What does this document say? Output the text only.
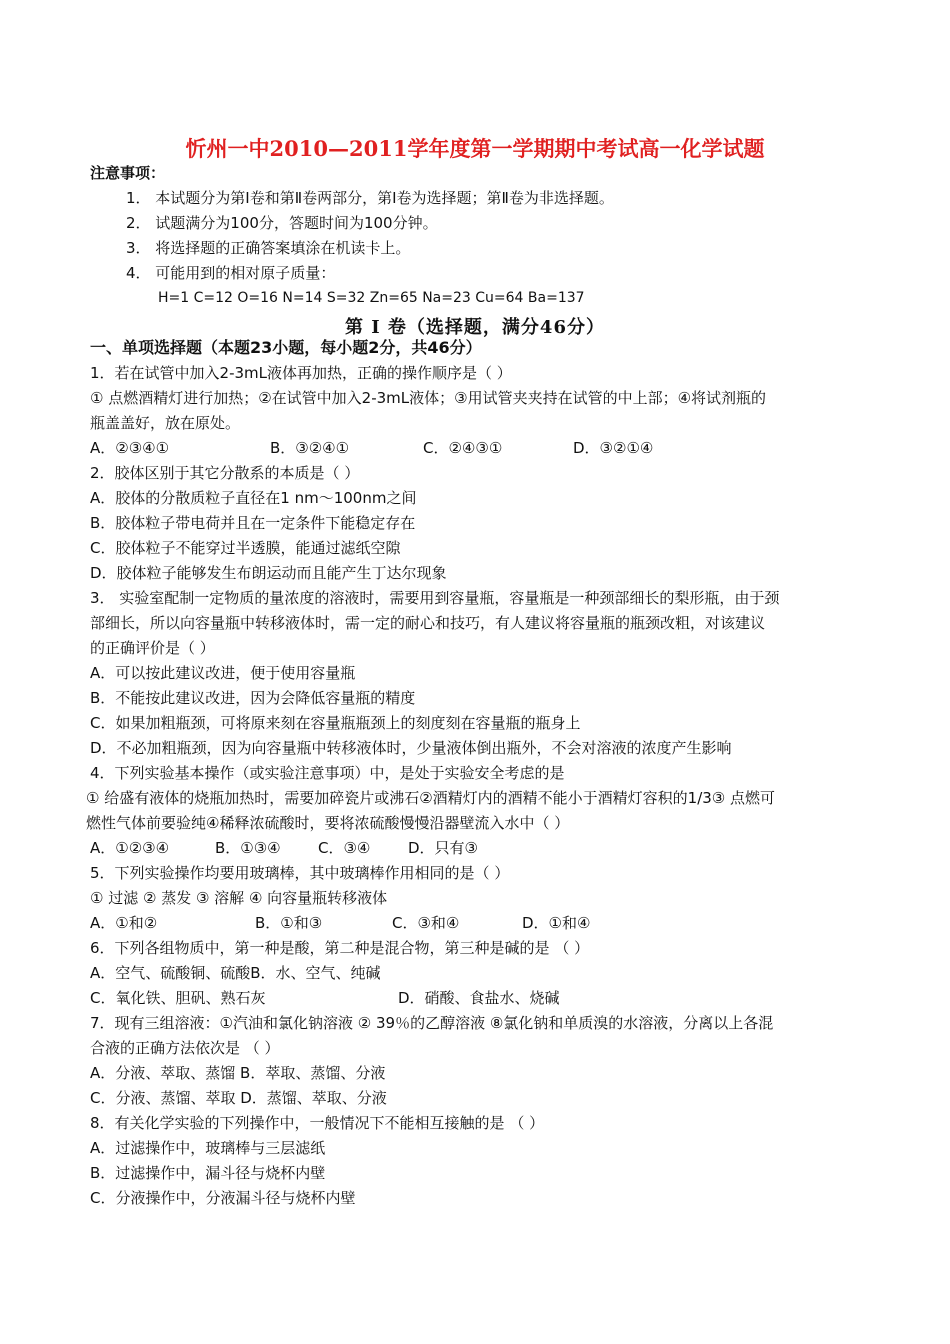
忻州一中2010—2011学年度第一学期期中考试高一化学试题
注意事项：
1． 本试题分为第Ⅰ卷和第Ⅱ卷两部分，第Ⅰ卷为选择题；第Ⅱ卷为非选择题。
2． 试题满分为100分，答题时间为100分钟。
3． 将选择题的正确答案填涂在机读卡上。
4． 可能用到的相对原子质量：
H=1 C=12 O=16 N=14 S=32 Zn=65 Na=23 Cu=64 Ba=137
第 Ⅰ 卷（选择题，满分46分）
一、单项选择题（本题23小题，每小题2分，共46分）
1．若在试管中加入2-3mL液体再加热，正确的操作顺序是（ ）
① 点燃酒精灯进行加热；②在试管中加入2-3mL液体；③用试管夹夹持在试管的中上部；④将试剂瓶的
瓶盖盖好，放在原处。
A．②③④①	B．③②④①	C．②④③①	D．③②①④
2．胶体区别于其它分散系的本质是（ ）
A．胶体的分散质粒子直径在1 nm～100nm之间
B．胶体粒子带电荷并且在一定条件下能稳定存在
C．胶体粒子不能穿过半透膜，能通过滤纸空隙
D．胶体粒子能够发生布朗运动而且能产生丁达尔现象
3． 实验室配制一定物质的量浓度的溶液时，需要用到容量瓶，容量瓶是一种颈部细长的梨形瓶，由于颈
部细长，所以向容量瓶中转移液体时，需一定的耐心和技巧，有人建议将容量瓶的瓶颈改粗，对该建议
的正确评价是（ ）
A．可以按此建议改进，便于使用容量瓶
B．不能按此建议改进，因为会降低容量瓶的精度
C．如果加粗瓶颈，可将原来刻在容量瓶瓶颈上的刻度刻在容量瓶的瓶身上
D．不必加粗瓶颈，因为向容量瓶中转移液体时，少量液体倒出瓶外，不会对溶液的浓度产生影响
4．下列实验基本操作（或实验注意事项）中，是处于实验安全考虑的是
① 给盛有液体的烧瓶加热时，需要加碎瓷片或沸石②酒精灯内的酒精不能小于酒精灯容积的1/3③ 点燃可
燃性气体前要验纯④稀释浓硫酸时，要将浓硫酸慢慢沿器壁流入水中（ ）
A．①②③④	B．①③④ C．③④	D．只有③
5．下列实验操作均要用玻璃棒，其中玻璃棒作用相同的是（ ）
① 过滤 ② 蒸发 ③ 溶解 ④ 向容量瓶转移液体
A．①和②	B．①和③	C．③和④	D．①和④
6．下列各组物质中，第一种是酸，第二种是混合物，第三种是碱的是 （ ）
A．空气、硫酸铜、硫酸B．水、空气、纯碱
C．氧化铁、胆矾、熟石灰	D．硝酸、食盐水、烧碱
7．现有三组溶液：①汽油和氯化钠溶液 ② 39％的乙醇溶液 ⑧氯化钠和单质溴的水溶液，分离以上各混
合液的正确方法依次是 （ ）
A．分液、萃取、蒸馏 B．萃取、蒸馏、分液
C．分液、蒸馏、萃取 D．蒸馏、萃取、分液
8．有关化学实验的下列操作中，一般情况下不能相互接触的是 （ ）
A．过滤操作中，玻璃棒与三层滤纸
B．过滤操作中，漏斗径与烧杯内壁
C．分液操作中，分液漏斗径与烧杯内壁
